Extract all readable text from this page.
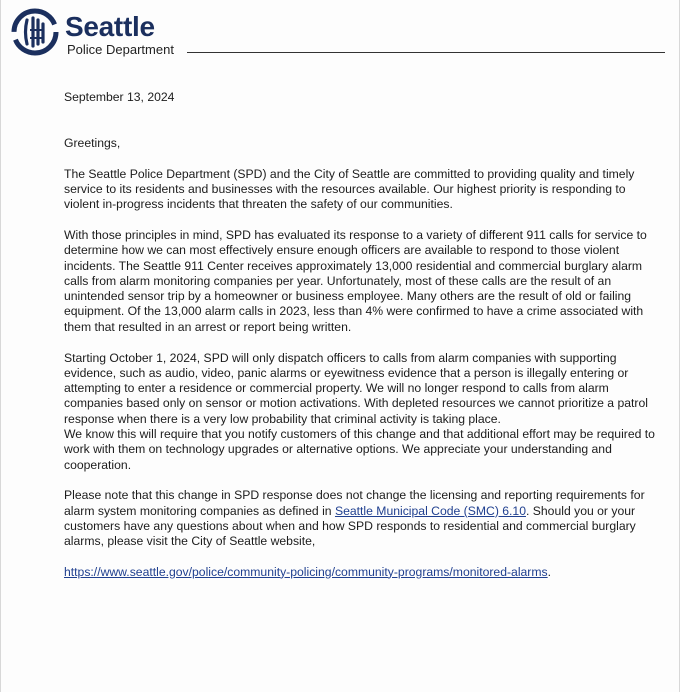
Seattle
Police Department

September 13, 2024

Greetings,

The Seattle Police Department (SPD) and the City of Seattle are committed to providing quality and timely service to its residents and businesses with the resources available. Our highest priority is responding to violent in-progress incidents that threaten the safety of our communities.

With those principles in mind, SPD has evaluated its response to a variety of different 911 calls for service to determine how we can most effectively ensure enough officers are available to respond to those violent incidents. The Seattle 911 Center receives approximately 13,000 residential and commercial burglary alarm calls from alarm monitoring companies per year. Unfortunately, most of these calls are the result of an unintended sensor trip by a homeowner or business employee. Many others are the result of old or failing equipment. Of the 13,000 alarm calls in 2023, less than 4% were confirmed to have a crime associated with them that resulted in an arrest or report being written.

Starting October 1, 2024, SPD will only dispatch officers to calls from alarm companies with supporting evidence, such as audio, video, panic alarms or eyewitness evidence that a person is illegally entering or attempting to enter a residence or commercial property. We will no longer respond to calls from alarm companies based only on sensor or motion activations. With depleted resources we cannot prioritize a patrol response when there is a very low probability that criminal activity is taking place.

We know this will require that you notify customers of this change and that additional effort may be required to work with them on technology upgrades or alternative options. We appreciate your understanding and cooperation.

Please note that this change in SPD response does not change the licensing and reporting requirements for alarm system monitoring companies as defined in Seattle Municipal Code (SMC) 6.10. Should you or your customers have any questions about when and how SPD responds to residential and commercial burglary alarms, please visit the City of Seattle website,

https://www.seattle.gov/police/community-policing/community-programs/monitored-alarms.
